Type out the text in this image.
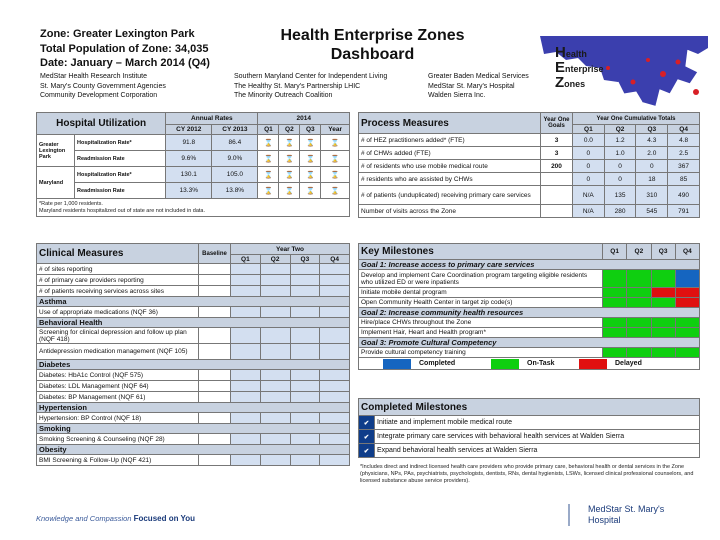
Zone: Greater Lexington Park
Total Population of Zone: 34,035
Date: January – March 2014 (Q4)
Health Enterprise Zones
Dashboard
MedStar Health Research Institute
St. Mary's County Government Agencies
Community Development Corporation
Southern Maryland Center for Independent Living
The Healthy St. Mary's Partnership LHIC
The Minority Outreach Coalition
Greater Baden Medical Services
MedStar St. Mary's Hospital
Walden Sierra Inc.
Health
Enterprise
Zones
Hospital Utilization		Annual Rates		2014			
		CY 2012	CY 2013	Q1	Q2	Q3	Year
Greater Lexington Park	Hospitalization Rate*	91.8	86.4	⌛	⌛	⌛	⌛
	Readmission Rate	9.6%	9.0%	⌛	⌛	⌛	⌛
Maryland	Hospitalization Rate*	130.1	105.0	⌛	⌛	⌛	⌛
	Readmission Rate	13.3%	13.8%	⌛	⌛	⌛	⌛

*Rate per 1,000 residents.
Maryland residents hospitalized out of state are not included in data.							
Process Measures	Year One Goals	Year One Cumulative Totals			
		Q1	Q2	Q3	Q4
# of HEZ practitioners added* (FTE)	3	0.0	1.2	4.3	4.8
# of CHWs added (FTE)	3	0	1.0	2.0	2.5
# of residents who use mobile medical route	200	0	0	0	367
# residents who are assisted by CHWs		0	0	18	85
# of patients (unduplicated) receiving primary care services		N/A	135	310	490
Number of visits across the Zone		N/A	280	545	791
Clinical Measures	Baseline	Year Two			
		Q1	Q2	Q3	Q4
# of sites reporting					
# of primary care providers reporting					
# of patients receiving services across sites					
Asthma					
Use of appropriate medications (NQF 36)					
Behavioral Health					
Screening for clinical depression and follow up plan (NQF 418)					
Antidepression medication management (NQF 105)					
Diabetes					
Diabetes: HbA1c Control (NQF 575)					
Diabetes: LDL Management (NQF 64)					
Diabetes: BP Management (NQF 61)					
Hypertension					
Hypertension: BP Control (NQF 18)					
Smoking					
Smoking Screening & Counseling (NQF 28)					
Obesity					
BMI Screening & Follow-Up (NQF 421)					
Key Milestones	Q1	Q2	Q3	Q4
Goal 1: Increase access to primary care services				
Develop and implement Care Coordination program targeting eligible residents who utilized ED or were inpatients				
Initiate mobile dental program				
Open Community Health Center in target zip code(s)				
Goal 2: Increase community health resources				
Hire/place CHWs throughout the Zone				
Implement Hair, Heart and Health program*				
Goal 3: Promote Cultural Competency				
Provide cultural competency training				

Completed On-Task Delayed				
Completed Milestones	
✔	Initiate and implement mobile medical route
✔	Integrate primary care services with behavioral health services at Walden Sierra
✔	Expand behavioral health services at Walden Sierra
*Includes direct and indirect licensed health care providers who provide primary care, behavioral health or dental services in the Zone (physicians, NPs, PAs, psychiatrists, psychologists, dentists, RNs, dental hygienists, LSWs, licensed clinical professional counselors, and licensed substance abuse service providers).
Knowledge and Compassion Focused on You
MedStar St. Mary's
Hospital
